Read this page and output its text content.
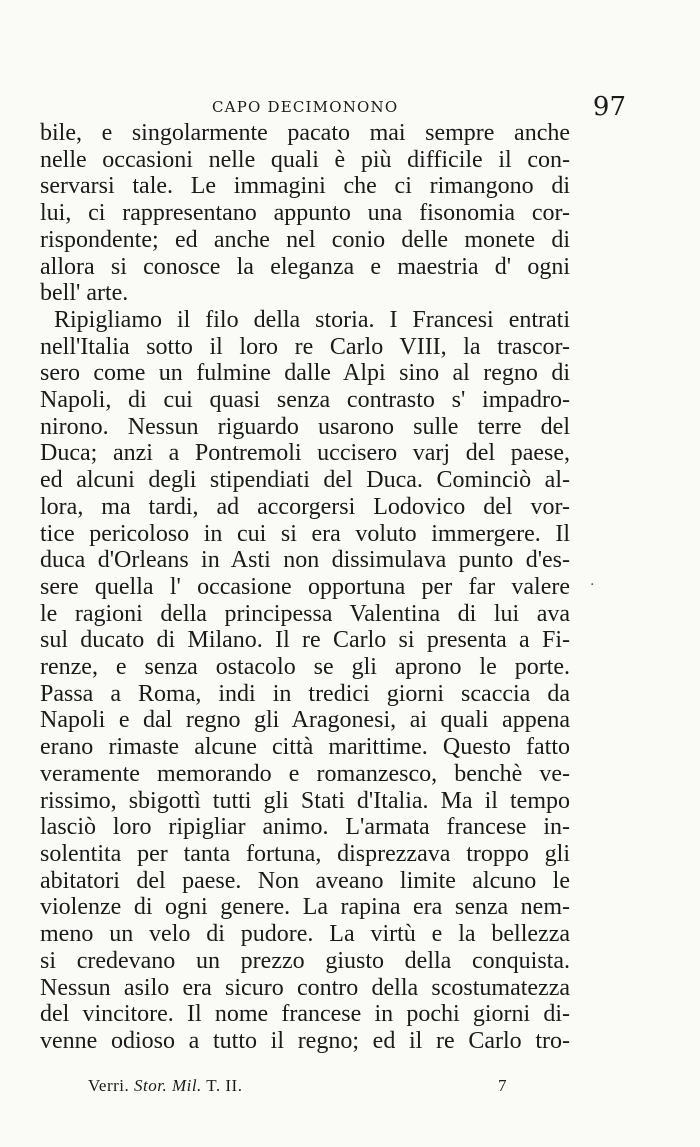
CAPO DECIMONONO	97
bile, e singolarmente pacato mai sempre anche
nelle occasioni nelle quali è più difficile il con-
servarsi tale. Le immagini che ci rimangono di
lui, ci rappresentano appunto una fisonomia cor-
rispondente; ed anche nel conio delle monete di
allora si conosce la eleganza e maestria d' ogni
bell' arte.
Ripigliamo il filo della storia. I Francesi entrati
nell'Italia sotto il loro re Carlo VIII, la trascor-
sero come un fulmine dalle Alpi sino al regno di
Napoli, di cui quasi senza contrasto s' impadro-
nirono. Nessun riguardo usarono sulle terre del
Duca; anzi a Pontremoli uccisero varj del paese,
ed alcuni degli stipendiati del Duca. Cominciò al-
lora, ma tardi, ad accorgersi Lodovico del vor-
tice pericoloso in cui si era voluto immergere. Il
duca d'Orleans in Asti non dissimulava punto d'es-
sere quella l' occasione opportuna per far valere
le ragioni della principessa Valentina di lui ava
sul ducato di Milano. Il re Carlo si presenta a Fi-
renze, e senza ostacolo se gli aprono le porte.
Passa a Roma, indi in tredici giorni scaccia da
Napoli e dal regno gli Aragonesi, ai quali appena
erano rimaste alcune città marittime. Questo fatto
veramente memorando e romanzesco, benchè ve-
rissimo, sbigottì tutti gli Stati d'Italia. Ma il tempo
lasciò loro ripigliar animo. L'armata francese in-
solentita per tanta fortuna, disprezzava troppo gli
abitatori del paese. Non aveano limite alcuno le
violenze di ogni genere. La rapina era senza nem-
meno un velo di pudore. La virtù e la bellezza
si credevano un prezzo giusto della conquista.
Nessun asilo era sicuro contro della scostumatezza
del vincitore. Il nome francese in pochi giorni di-
venne odioso a tutto il regno; ed il re Carlo tro-
.
Verri. Stor. Mil. T. II.	7
